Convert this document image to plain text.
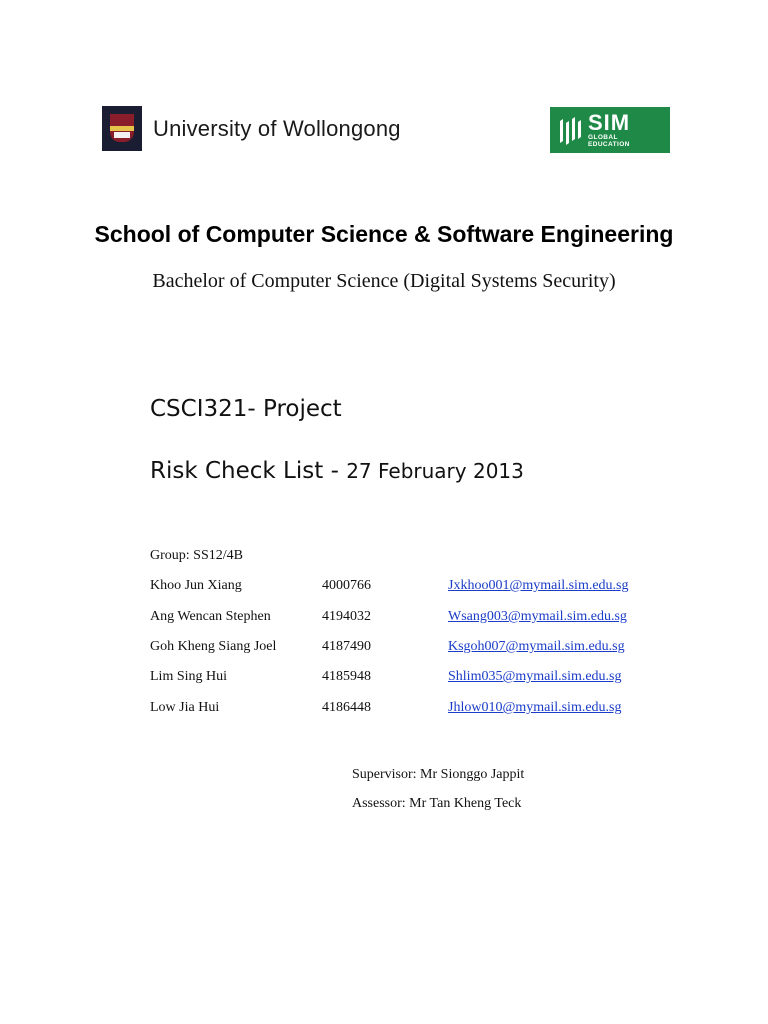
University of Wollongong	SIM
GLOBAL
EDUCATION
School of Computer Science & Software Engineering
Bachelor of Computer Science (Digital Systems Security)
CSCI321- Project
Risk Check List - 27 February 2013
Group: SS12/4B
Khoo Jun Xiang	4000766	Jxkhoo001@mymail.sim.edu.sg
Ang Wencan Stephen	4194032	Wsang003@mymail.sim.edu.sg
Goh Kheng Siang Joel	4187490	Ksgoh007@mymail.sim.edu.sg
Lim Sing Hui	4185948	Shlim035@mymail.sim.edu.sg
Low Jia Hui	4186448	Jhlow010@mymail.sim.edu.sg
Supervisor: Mr Sionggo Jappit
Assessor: Mr Tan Kheng Teck
